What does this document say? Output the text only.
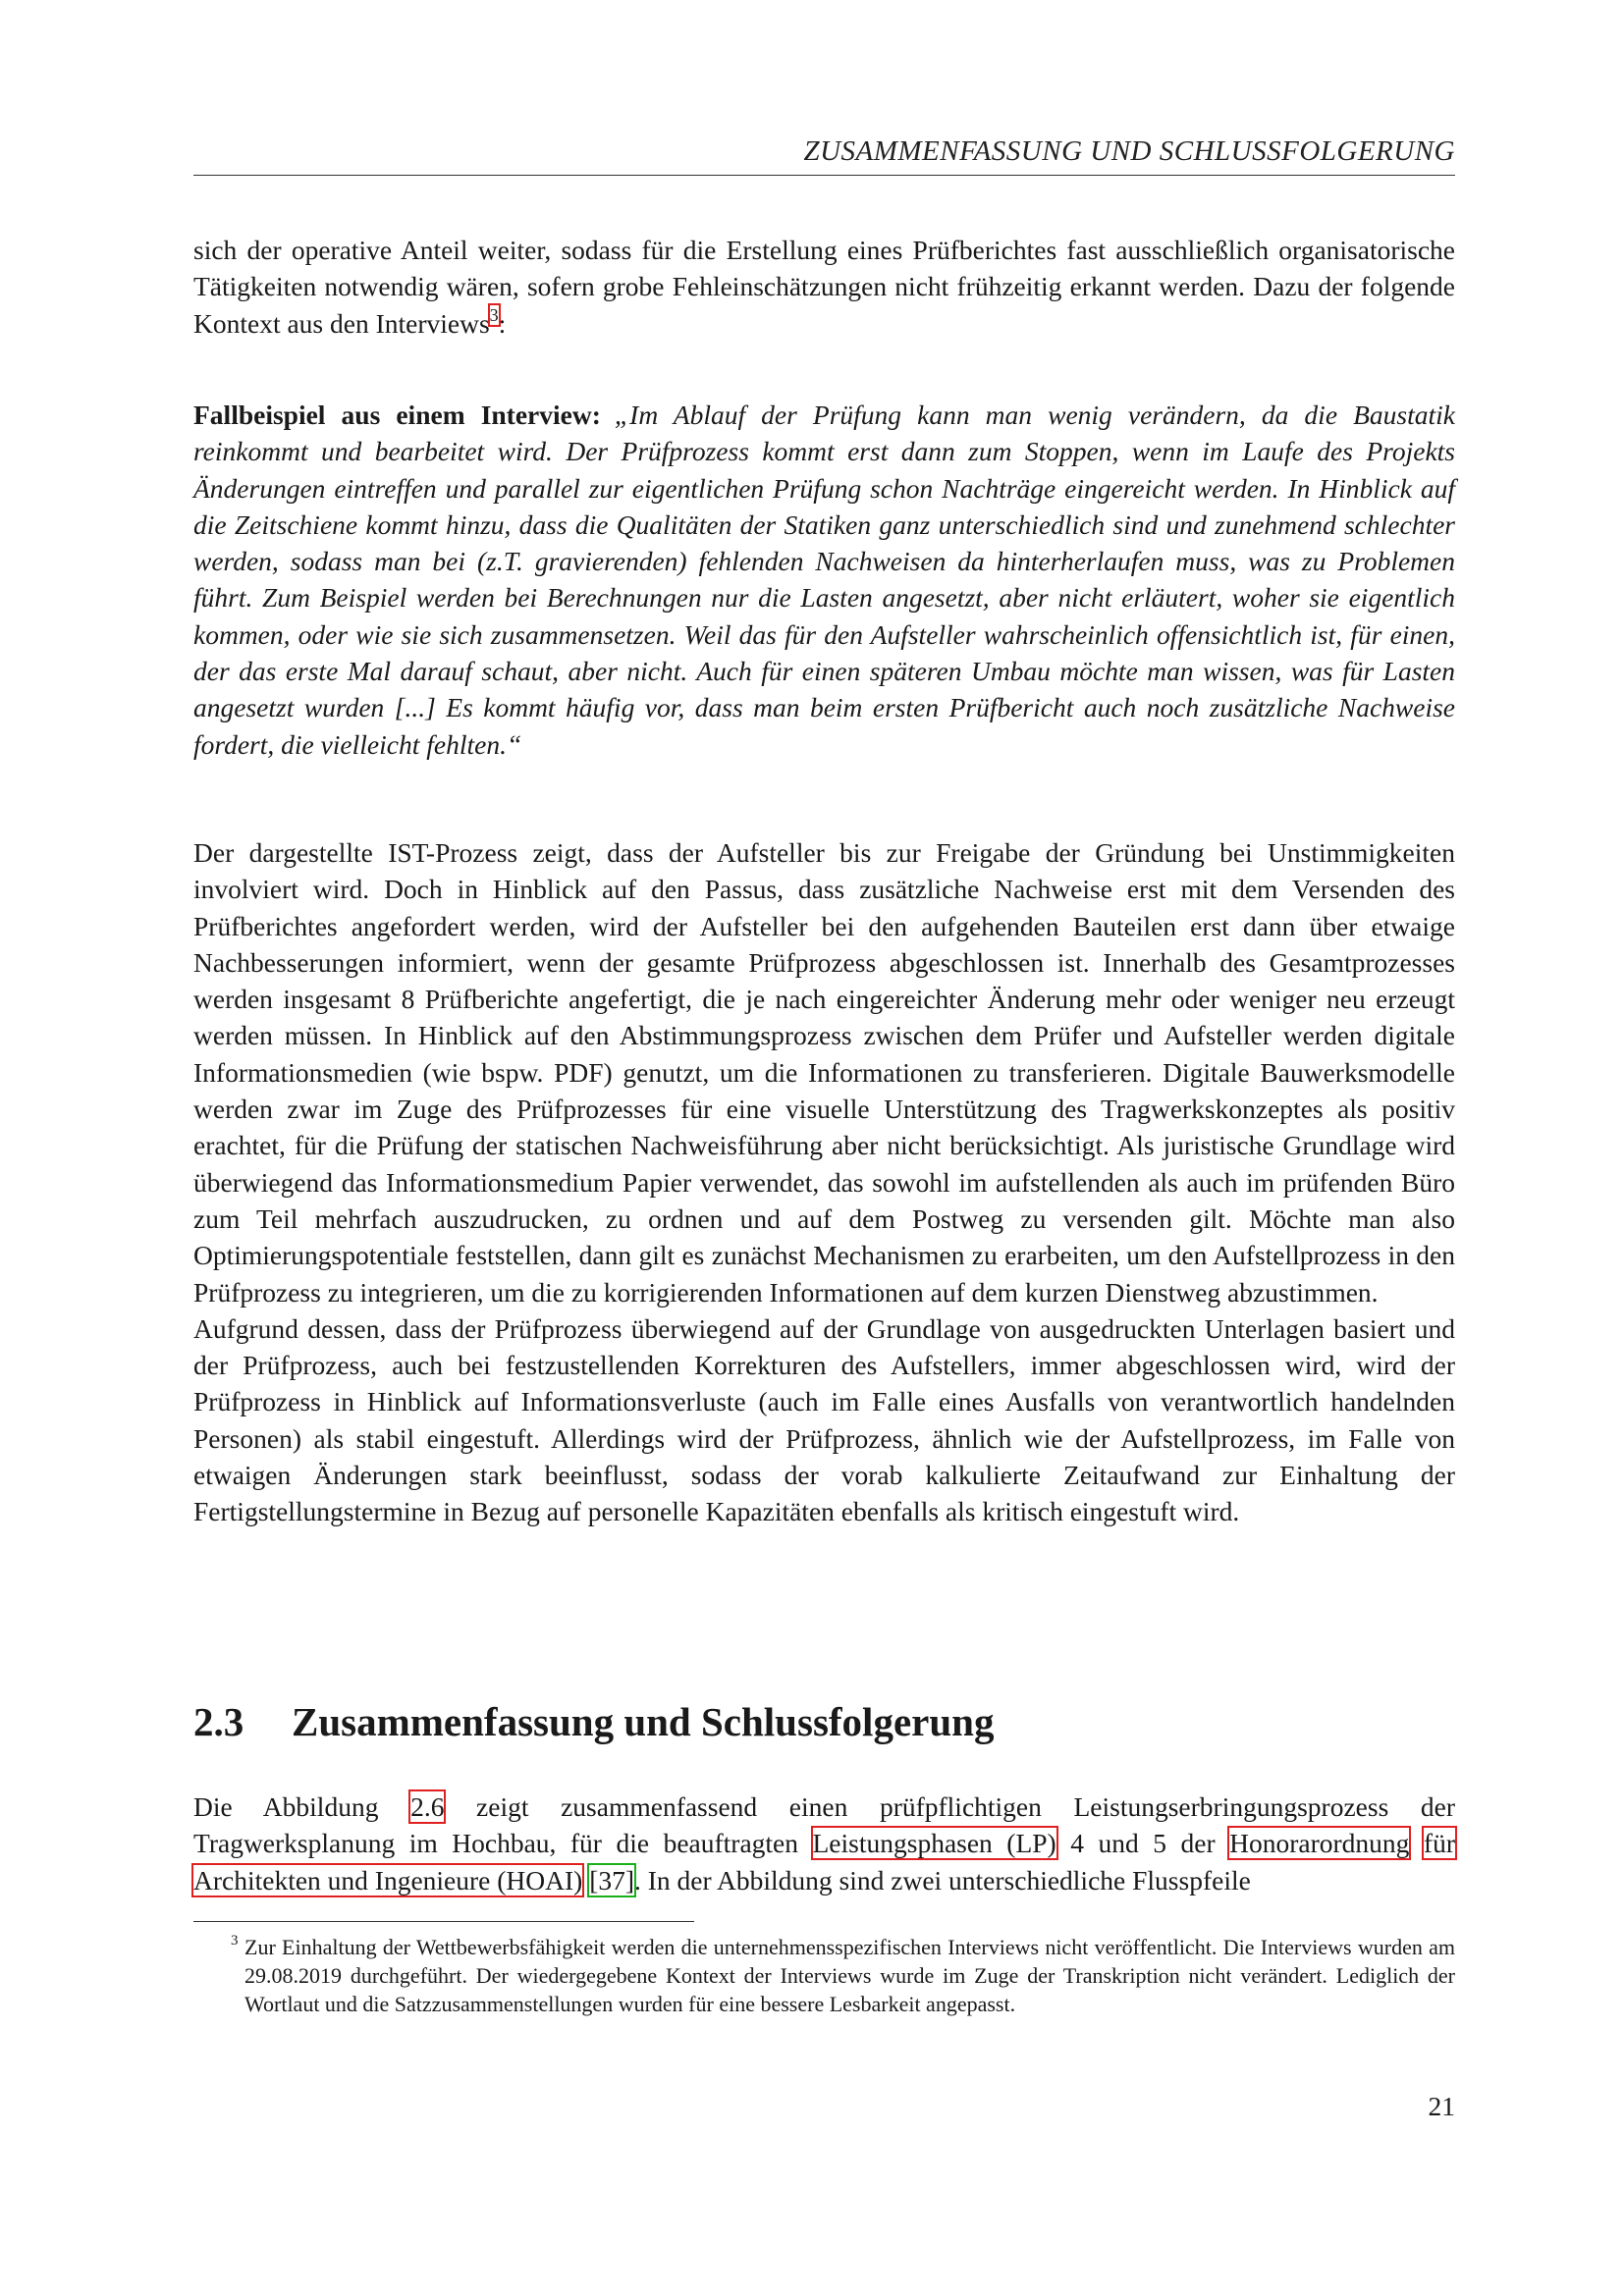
ZUSAMMENFASSUNG UND SCHLUSSFOLGERUNG

sich der operative Anteil weiter, sodass für die Erstellung eines Prüfberichtes fast ausschließlich organisatorische Tätigkeiten notwendig wären, sofern grobe Fehleinschätzungen nicht frühzeitig erkannt werden. Dazu der folgende Kontext aus den Interviews$^3$:

Fallbeispiel aus einem Interview: „Im Ablauf der Prüfung kann man wenig verändern, da die Baustatik reinkommt und bearbeitet wird. Der Prüfprozess kommt erst dann zum Stoppen, wenn im Laufe des Projekts Änderungen eintreffen und parallel zur eigentlichen Prüfung schon Nachträge eingereicht werden. In Hinblick auf die Zeitschiene kommt hinzu, dass die Qualitäten der Statiken ganz unterschiedlich sind und zunehmend schlechter werden, sodass man bei (z.T. gravierenden) fehlenden Nachweisen da hinterherlaufen muss, was zu Problemen führt. Zum Beispiel werden bei Berechnungen nur die Lasten angesetzt, aber nicht erläutert, woher sie eigentlich kommen, oder wie sie sich zusammensetzen. Weil das für den Aufsteller wahrscheinlich offensichtlich ist, für einen, der das erste Mal darauf schaut, aber nicht. Auch für einen späteren Umbau möchte man wissen, was für Lasten angesetzt wurden [...] Es kommt häufig vor, dass man beim ersten Prüfbericht auch noch zusätzliche Nachweise fordert, die vielleicht fehlten.“

Der dargestellte IST-Prozess zeigt, dass der Aufsteller bis zur Freigabe der Gründung bei Unstimmigkeiten involviert wird. Doch in Hinblick auf den Passus, dass zusätzliche Nachweise erst mit dem Versenden des Prüfberichtes angefordert werden, wird der Aufsteller bei den aufgehenden Bauteilen erst dann über etwaige Nachbesserungen informiert, wenn der gesamte Prüfprozess abgeschlossen ist. Innerhalb des Gesamtprozesses werden insgesamt 8 Prüfberichte angefertigt, die je nach eingereichter Änderung mehr oder weniger neu erzeugt werden müssen. In Hinblick auf den Abstimmungsprozess zwischen dem Prüfer und Aufsteller werden digitale Informationsmedien (wie bspw. PDF) genutzt, um die Informationen zu transferieren. Digitale Bauwerksmodelle werden zwar im Zuge des Prüfprozesses für eine visuelle Unterstützung des Tragwerkskonzeptes als positiv erachtet, für die Prüfung der statischen Nachweisführung aber nicht berücksichtigt. Als juristische Grundlage wird überwiegend das Informationsmedium Papier verwendet, das sowohl im aufstellenden als auch im prüfenden Büro zum Teil mehrfach auszudrucken, zu ordnen und auf dem Postweg zu versenden gilt. Möchte man also Optimierungspotentiale feststellen, dann gilt es zunächst Mechanismen zu erarbeiten, um den Aufstellprozess in den Prüfprozess zu integrieren, um die zu korrigierenden Informationen auf dem kurzen Dienstweg abzustimmen.

Aufgrund dessen, dass der Prüfprozess überwiegend auf der Grundlage von ausgedruckten Unterlagen basiert und der Prüfprozess, auch bei festzustellenden Korrekturen des Aufstellers, immer abgeschlossen wird, wird der Prüfprozess in Hinblick auf Informationsverluste (auch im Falle eines Ausfalls von verantwortlich handelnden Personen) als stabil eingestuft. Allerdings wird der Prüfprozess, ähnlich wie der Aufstellprozess, im Falle von etwaigen Änderungen stark beeinflusst, sodass der vorab kalkulierte Zeitaufwand zur Einhaltung der Fertigstellungstermine in Bezug auf personelle Kapazitäten ebenfalls als kritisch eingestuft wird.

2.3 Zusammenfassung und Schlussfolgerung

Die Abbildung 2.6 zeigt zusammenfassend einen prüfpflichtigen Leistungserbringungsprozess der Tragwerksplanung im Hochbau, für die beauftragten Leistungsphasen (LP) 4 und 5 der Honorarordnung für Architekten und Ingenieure (HOAI) [37]. In der Abbildung sind zwei unterschiedliche Flusspfeile

3 Zur Einhaltung der Wettbewerbsfähigkeit werden die unternehmensspezifischen Interviews nicht veröffentlicht. Die Interviews wurden am 29.08.2019 durchgeführt. Der wiedergegebene Kontext der Interviews wurde im Zuge der Transkription nicht verändert. Lediglich der Wortlaut und die Satzzusammenstellungen wurden für eine bessere Lesbarkeit angepasst.
21
